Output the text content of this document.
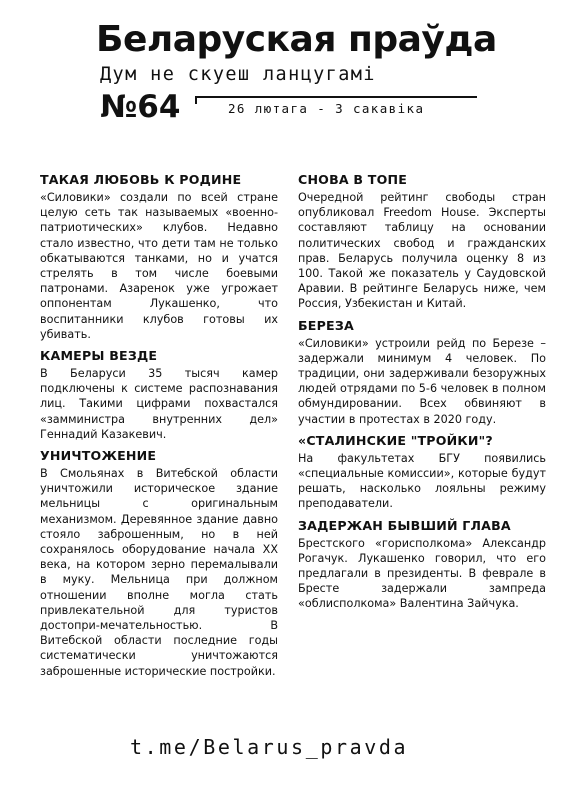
Беларуская праўда
Дум не скуеш ланцугамі
№64	26 лютага - 3 сакавіка
ТАКАЯ ЛЮБОВЬ К РОДИНЕ

«Силовики» создали по всей стране целую сеть так называемых «военно-патриотических» клубов. Недавно стало известно, что дети там не только обкатываются танками, но и учатся стрелять в том числе боевыми патронами. Азаренок уже угрожает оппонентам Лукашенко, что воспитанники клубов готовы их убивать.

КАМЕРЫ ВЕЗДЕ

В Беларуси 35 тысяч камер подключены к системе распознавания лиц. Такими цифрами похвастался «замминистра внутренних дел» Геннадий Казакевич.

УНИЧТОЖЕНИЕ

В Смольянах в Витебской области уничтожили историческое здание мельницы с оригинальным механизмом. Деревянное здание давно стояло заброшенным, но в ней сохранялось оборудование начала XX века, на котором зерно перемалывали в муку. Мельница при должном отношении вполне могла стать привлекательной для туристов достопри-мечательностью. В Витебской области последние годы систематически уничтожаются заброшенные исторические постройки.

СНОВА В ТОПЕ

Очередной рейтинг свободы стран опубликовал Freedom House. Эксперты составляют таблицу на основании политических свобод и гражданских прав. Беларусь получила оценку 8 из 100. Такой же показатель у Саудовской Аравии. В рейтинге Беларусь ниже, чем Россия, Узбекистан и Китай.

БЕРЕЗА

«Силовики» устроили рейд по Березе – задержали минимум 4 человек. По традиции, они задерживали безоружных людей отрядами по 5-6 человек в полном обмундировании. Всех обвиняют в участии в протестах в 2020 году.

«СТАЛИНСКИЕ "ТРОЙКИ"?

На факультетах БГУ появились «специальные комиссии», которые будут решать, насколько лояльны режиму преподаватели.

ЗАДЕРЖАН БЫВШИЙ ГЛАВА

Брестского «горисполкома» Александр Рогачук. Лукашенко говорил, что его предлагали в президенты. В феврале в Бресте задержали зампреда «облисполкома» Валентина Зайчука.

t.me/Belarus_pravda
